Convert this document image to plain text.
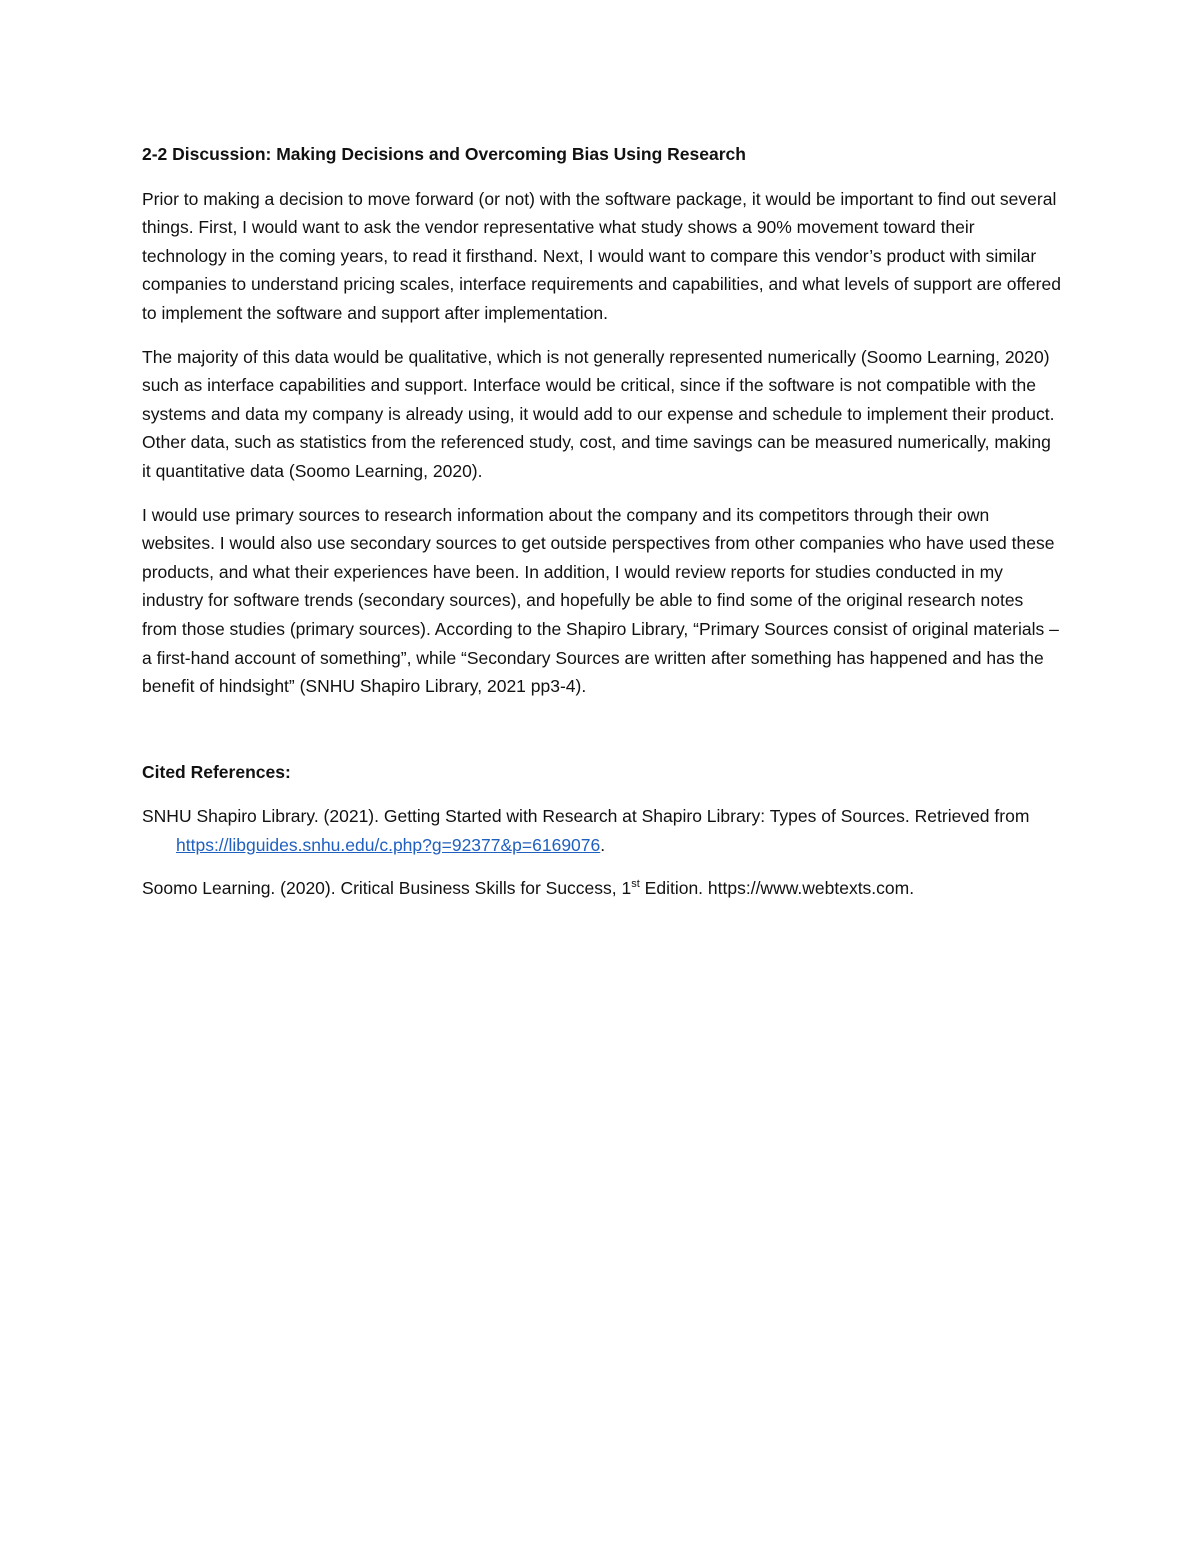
2-2 Discussion: Making Decisions and Overcoming Bias Using Research

Prior to making a decision to move forward (or not) with the software package, it would be important to find out several things. First, I would want to ask the vendor representative what study shows a 90% movement toward their technology in the coming years, to read it firsthand. Next, I would want to compare this vendor’s product with similar companies to understand pricing scales, interface requirements and capabilities, and what levels of support are offered to implement the software and support after implementation.

The majority of this data would be qualitative, which is not generally represented numerically (Soomo Learning, 2020) such as interface capabilities and support. Interface would be critical, since if the software is not compatible with the systems and data my company is already using, it would add to our expense and schedule to implement their product. Other data, such as statistics from the referenced study, cost, and time savings can be measured numerically, making it quantitative data (Soomo Learning, 2020).

I would use primary sources to research information about the company and its competitors through their own websites. I would also use secondary sources to get outside perspectives from other companies who have used these products, and what their experiences have been. In addition, I would review reports for studies conducted in my industry for software trends (secondary sources), and hopefully be able to find some of the original research notes from those studies (primary sources). According to the Shapiro Library, “Primary Sources consist of original materials – a first-hand account of something”, while “Secondary Sources are written after something has happened and has the benefit of hindsight” (SNHU Shapiro Library, 2021 pp3-4).

Cited References:

SNHU Shapiro Library. (2021). Getting Started with Research at Shapiro Library: Types of Sources. Retrieved from https://libguides.snhu.edu/c.php?g=92377&p=6169076.

Soomo Learning. (2020). Critical Business Skills for Success, 1st Edition. https://www.webtexts.com.
